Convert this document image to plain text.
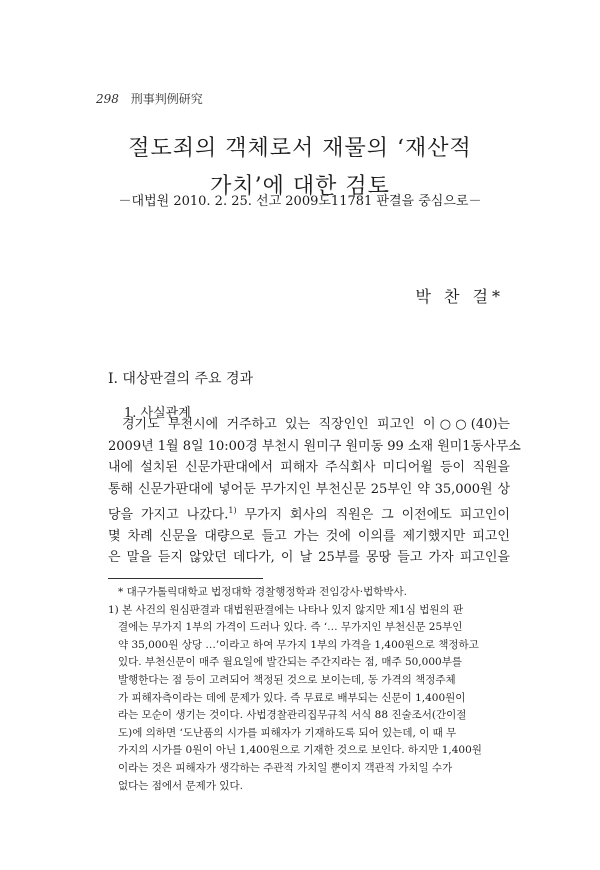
298 刑事判例研究
절도죄의 객체로서 재물의 ‘재산적
가치’에 대한 검토
－대법원 2010. 2. 25. 선고 2009도11781 판결을 중심으로－
박 찬 걸*
Ⅰ. 대상판결의 주요 경과
1. 사실관계
경기도 부천시에 거주하고 있는 직장인인 피고인 이○○(40)는
2009년 1월 8일 10:00경 부천시 원미구 원미동 99 소재 원미1동사무소
내에 설치된 신문가판대에서 피해자 주식회사 미디어윌 등이 직원을
통해 신문가판대에 넣어둔 무가지인 부천신문 25부인 약 35,000원 상
당을 가지고 나갔다.$^{1)}$ 무가지 회사의 직원은 그 이전에도 피고인이
몇 차례 신문을 대량으로 들고 가는 것에 이의를 제기했지만 피고인
은 말을 듣지 않았던 데다가, 이 날 25부를 몽땅 들고 가자 피고인을
* 대구가톨릭대학교 법정대학 경찰행정학과 전임강사·법학박사.
1) 본 사건의 원심판결과 대법원판결에는 나타나 있지 않지만 제1심 법원의 판
결에는 무가지 1부의 가격이 드러나 있다. 즉 ‘… 무가지인 부천신문 25부인
약 35,000원 상당 …’이라고 하여 무가지 1부의 가격을 1,400원으로 책정하고
있다. 부천신문이 매주 월요일에 발간되는 주간지라는 점, 매주 50,000부를
발행한다는 점 등이 고려되어 책정된 것으로 보이는데, 동 가격의 책정주체
가 피해자측이라는 데에 문제가 있다. 즉 무료로 배부되는 신문이 1,400원이
라는 모순이 생기는 것이다. 사법경찰관리집무규칙 서식 88 진술조서(간이절
도)에 의하면 ‘도난품의 시가를 피해자가 기재하도록 되어 있는데, 이 때 무
가지의 시가를 0원이 아닌 1,400원으로 기재한 것으로 보인다. 하지만 1,400원
이라는 것은 피해자가 생각하는 주관적 가치일 뿐이지 객관적 가치일 수가
없다는 점에서 문제가 있다.
